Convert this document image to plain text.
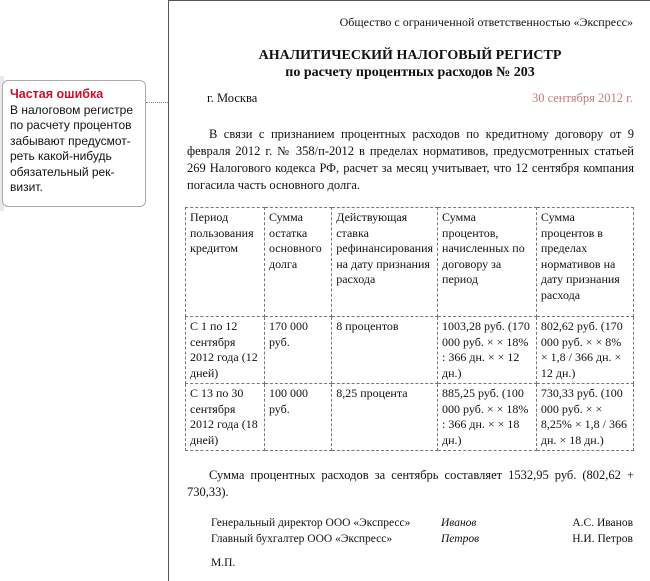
Частая ошибка
В налоговом регистре по расчету процентов забывают предусмот- реть какой-нибудь обязательный рек- визит.
Общество с ограниченной ответственностью «Экспресс»
АНАЛИТИЧЕСКИЙ НАЛОГОВЫЙ РЕГИСТР
по расчету процентных расходов № 203
г. Москва	30 сентября 2012 г.
В связи с признанием процентных расходов по кредитному договору от 9 февраля 2012 г. № 358/п-2012 в пределах нормативов, предусмотренных статьей 269 Налогового кодекса РФ, расчет за месяц учитывает, что 12 сентября компания погасила часть основного долга.
Период пользования кредитом	Сумма остатка основного долга	Действующая ставка рефинансирования на дату признания расхода	Сумма процентов, начисленных по договору за период	Сумма процентов в пределах нормативов на дату признания расхода
С 1 по 12 сентября 2012 года (12 дней)	170 000 руб.	8 процентов	1003,28 руб. (170 000 руб. × × 18% : 366 дн. × × 12 дн.)	802,62 руб. (170 000 руб. × × 8% × 1,8 / 366 дн. × 12 дн.)
С 13 по 30 сентября 2012 года (18 дней)	100 000 руб.	8,25 процента	885,25 руб. (100 000 руб. × × 18% : 366 дн. × × 18 дн.)	730,33 руб. (100 000 руб. × × 8,25% × 1,8 / 366 дн. × 18 дн.)
Сумма процентных расходов за сентябрь составляет 1532,95 руб. (802,62 + 730,33).
Генеральный директор ООО «Экспресс»	Иванов	А.С. Иванов
Главный бухгалтер ООО «Экспресс»	Петров	Н.И. Петров
М.П.
